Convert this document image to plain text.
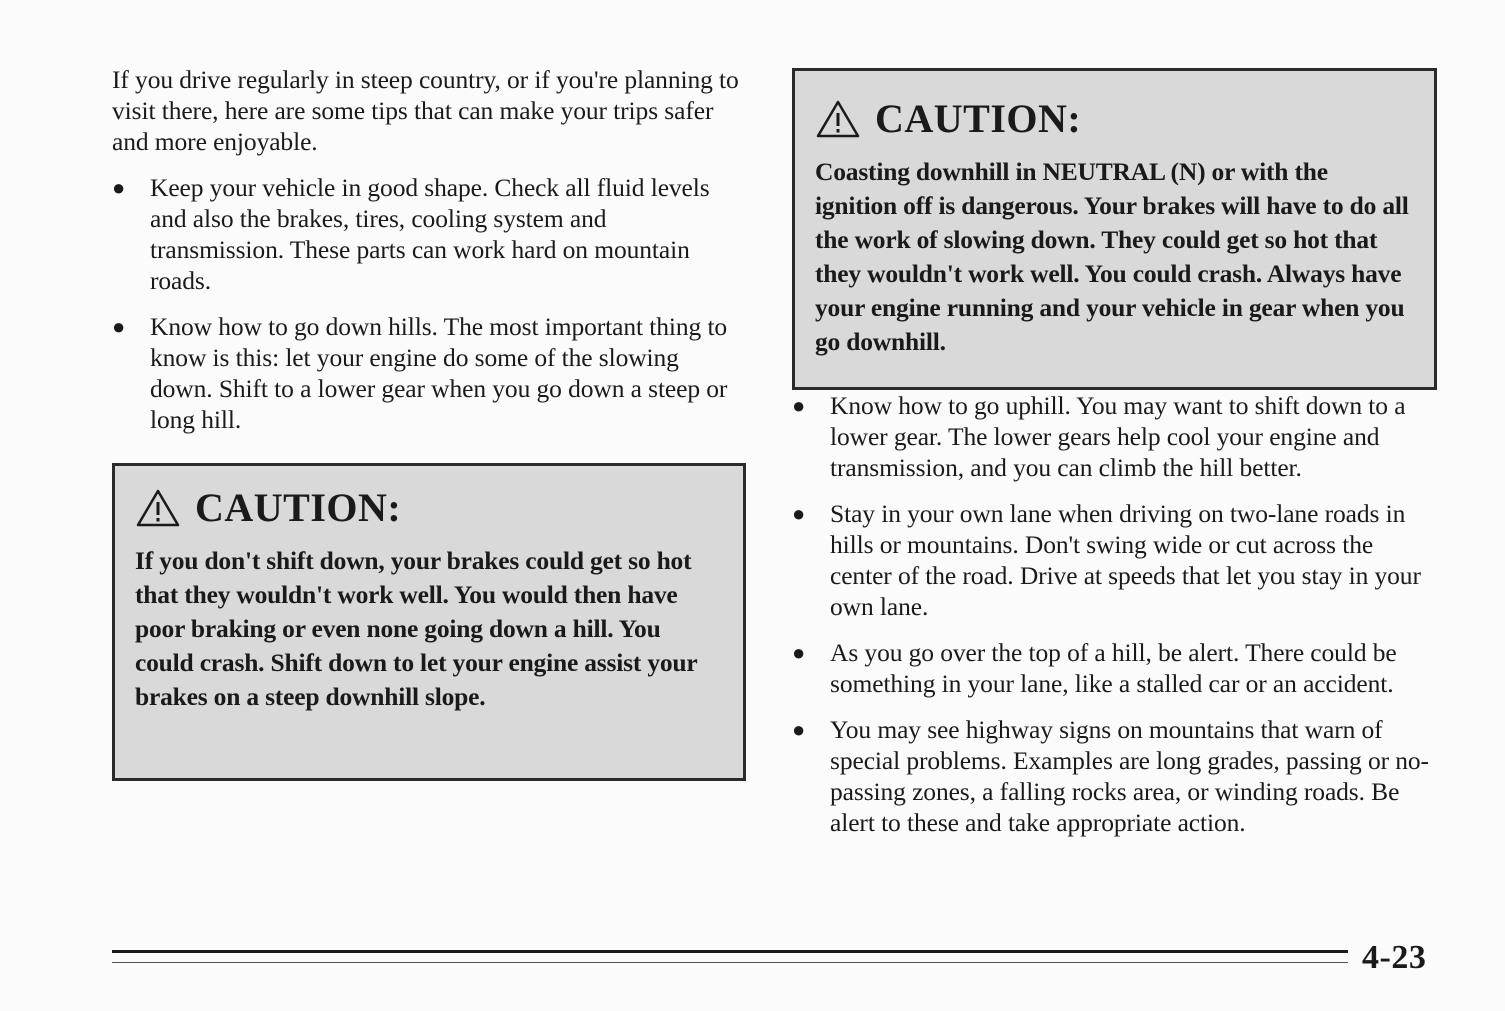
If you drive regularly in steep country, or if you're planning to visit there, here are some tips that can make your trips safer and more enjoyable.

● Keep your vehicle in good shape. Check all fluid levels and also the brakes, tires, cooling system and transmission. These parts can work hard on mountain roads.
● Know how to go down hills. The most important thing to know is this: let your engine do some of the slowing down. Shift to a lower gear when you go down a steep or long hill.
CAUTION:
If you don't shift down, your brakes could get so hot that they wouldn't work well. You would then have poor braking or even none going down a hill. You could crash. Shift down to let your engine assist your brakes on a steep downhill slope.
CAUTION:
Coasting downhill in NEUTRAL (N) or with the ignition off is dangerous. Your brakes will have to do all the work of slowing down. They could get so hot that they wouldn't work well. You could crash. Always have your engine running and your vehicle in gear when you go downhill.
● Know how to go uphill. You may want to shift down to a lower gear. The lower gears help cool your engine and transmission, and you can climb the hill better.
● Stay in your own lane when driving on two-lane roads in hills or mountains. Don't swing wide or cut across the center of the road. Drive at speeds that let you stay in your own lane.
● As you go over the top of a hill, be alert. There could be something in your lane, like a stalled car or an accident.
● You may see highway signs on mountains that warn of special problems. Examples are long grades, passing or no-passing zones, a falling rocks area, or winding roads. Be alert to these and take appropriate action.
4-23
